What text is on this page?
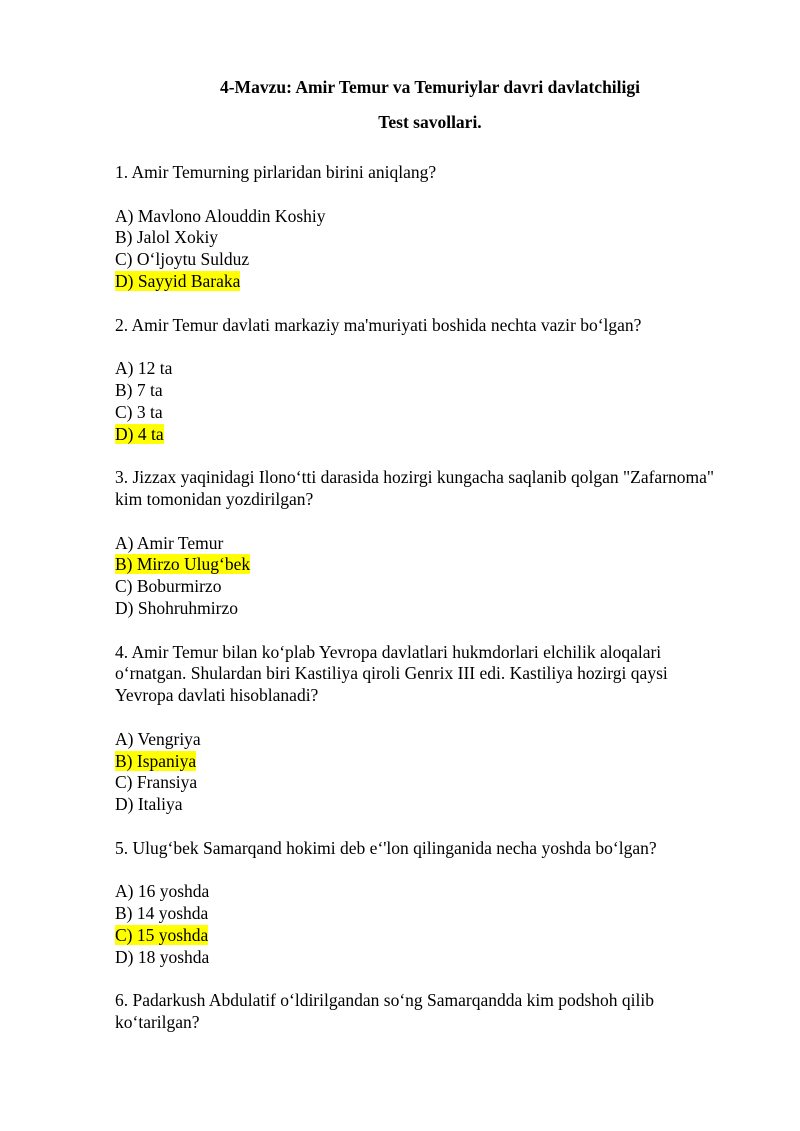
4-Mavzu: Amir Temur va Temuriylar davri davlatchiligi
Test savollari.
1. Amir Temurning pirlaridan birini aniqlang?
A) Mavlono Alouddin Koshiy
B) Jalol Xokiy
C) O‘ljoytu Sulduz
D) Sayyid Baraka
2. Amir Temur davlati markaziy ma'muriyati boshida nechta vazir bo‘lgan?
A) 12 ta
B) 7 ta
C) 3 ta
D) 4 ta
3. Jizzax yaqinidagi Ilono‘tti darasida hozirgi kungacha saqlanib qolgan "Zafarnoma" kim tomonidan yozdirilgan?
A) Amir Temur
B) Mirzo Ulug‘bek
C) Boburmirzo
D) Shohruhmirzo
4. Amir Temur bilan ko‘plab Yevropa davlatlari hukmdorlari elchilik aloqalari o‘rnatgan. Shulardan biri Kastiliya qiroli Genrix III edi. Kastiliya hozirgi qaysi Yevropa davlati hisoblanadi?
A) Vengriya
B) Ispaniya
C) Fransiya
D) Italiya
5. Ulug‘bek Samarqand hokimi deb e‘'lon qilinganida necha yoshda bo‘lgan?
A) 16 yoshda
B) 14 yoshda
C) 15 yoshda
D) 18 yoshda
6. Padarkush Abdulatif o‘ldirilgandan so‘ng Samarqandda kim podshoh qilib ko‘tarilgan?
